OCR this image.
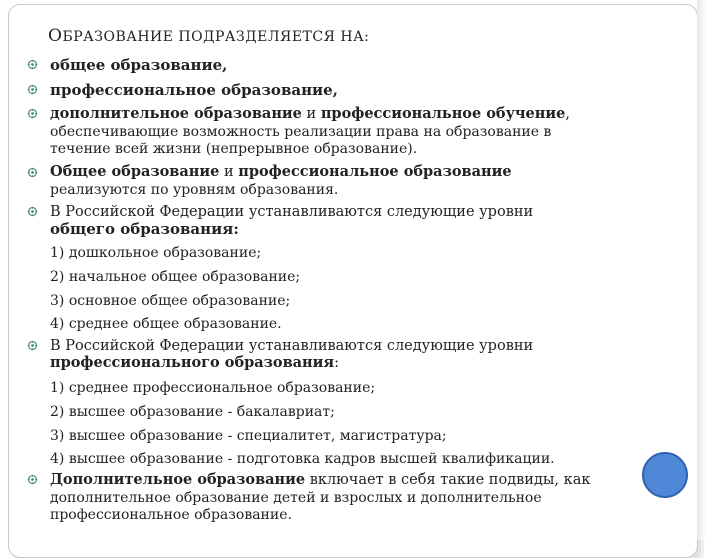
ОБРАЗОВАНИЕ ПОДРАЗДЕЛЯЕТСЯ НА:
общее образование,
профессиональное образование,
дополнительное образование и профессиональное обучение,
обеспечивающие возможность реализации права на образование в
течение всей жизни (непрерывное образование).
Общее образование и профессиональное образование
реализуются по уровням образования.
В Российской Федерации устанавливаются следующие уровни
общего образования:
1) дошкольное образование;
2) начальное общее образование;
3) основное общее образование;
4) среднее общее образование.
В Российской Федерации устанавливаются следующие уровни
профессионального образования:
1) среднее профессиональное образование;
2) высшее образование - бакалавриат;
3) высшее образование - специалитет, магистратура;
4) высшее образование - подготовка кадров высшей квалификации.
Дополнительное образование включает в себя такие подвиды, как
дополнительное образование детей и взрослых и дополнительное
профессиональное образование.
